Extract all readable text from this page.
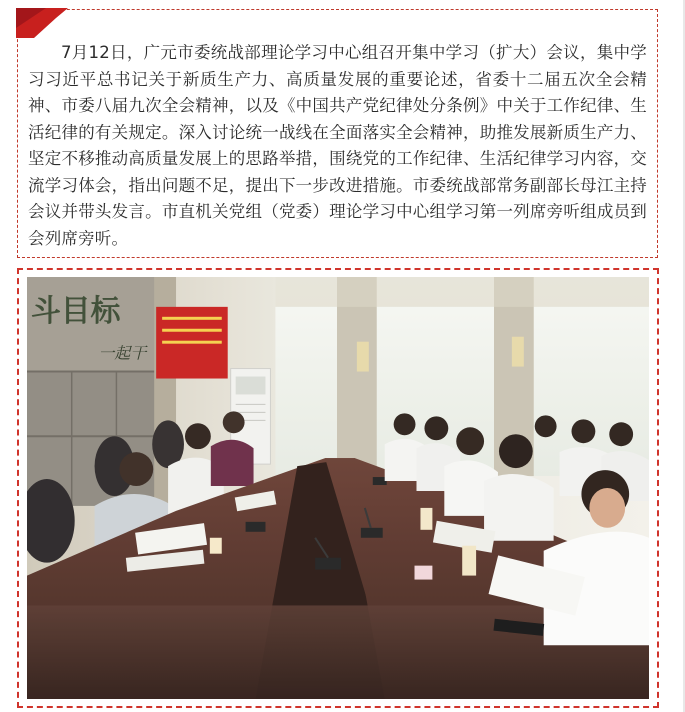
7月12日，广元市委统战部理论学习中心组召开集中学习（扩大）会议，集中学习习近平总书记关于新质生产力、高质量发展的重要论述，省委十二届五次全会精神、市委八届九次全会精神，以及《中国共产党纪律处分条例》中关于工作纪律、生活纪律的有关规定。深入讨论统一战线在全面落实全会精神，助推发展新质生产力、坚定不移推动高质量发展上的思路举措，围绕党的工作纪律、生活纪律学习内容，交流学习体会，指出问题不足，提出下一步改进措施。市委统战部常务副部长母江主持会议并带头发言。市直机关党组（党委）理论学习中心组学习第一列席旁听组成员到会列席旁听。

斗目标
一起干
